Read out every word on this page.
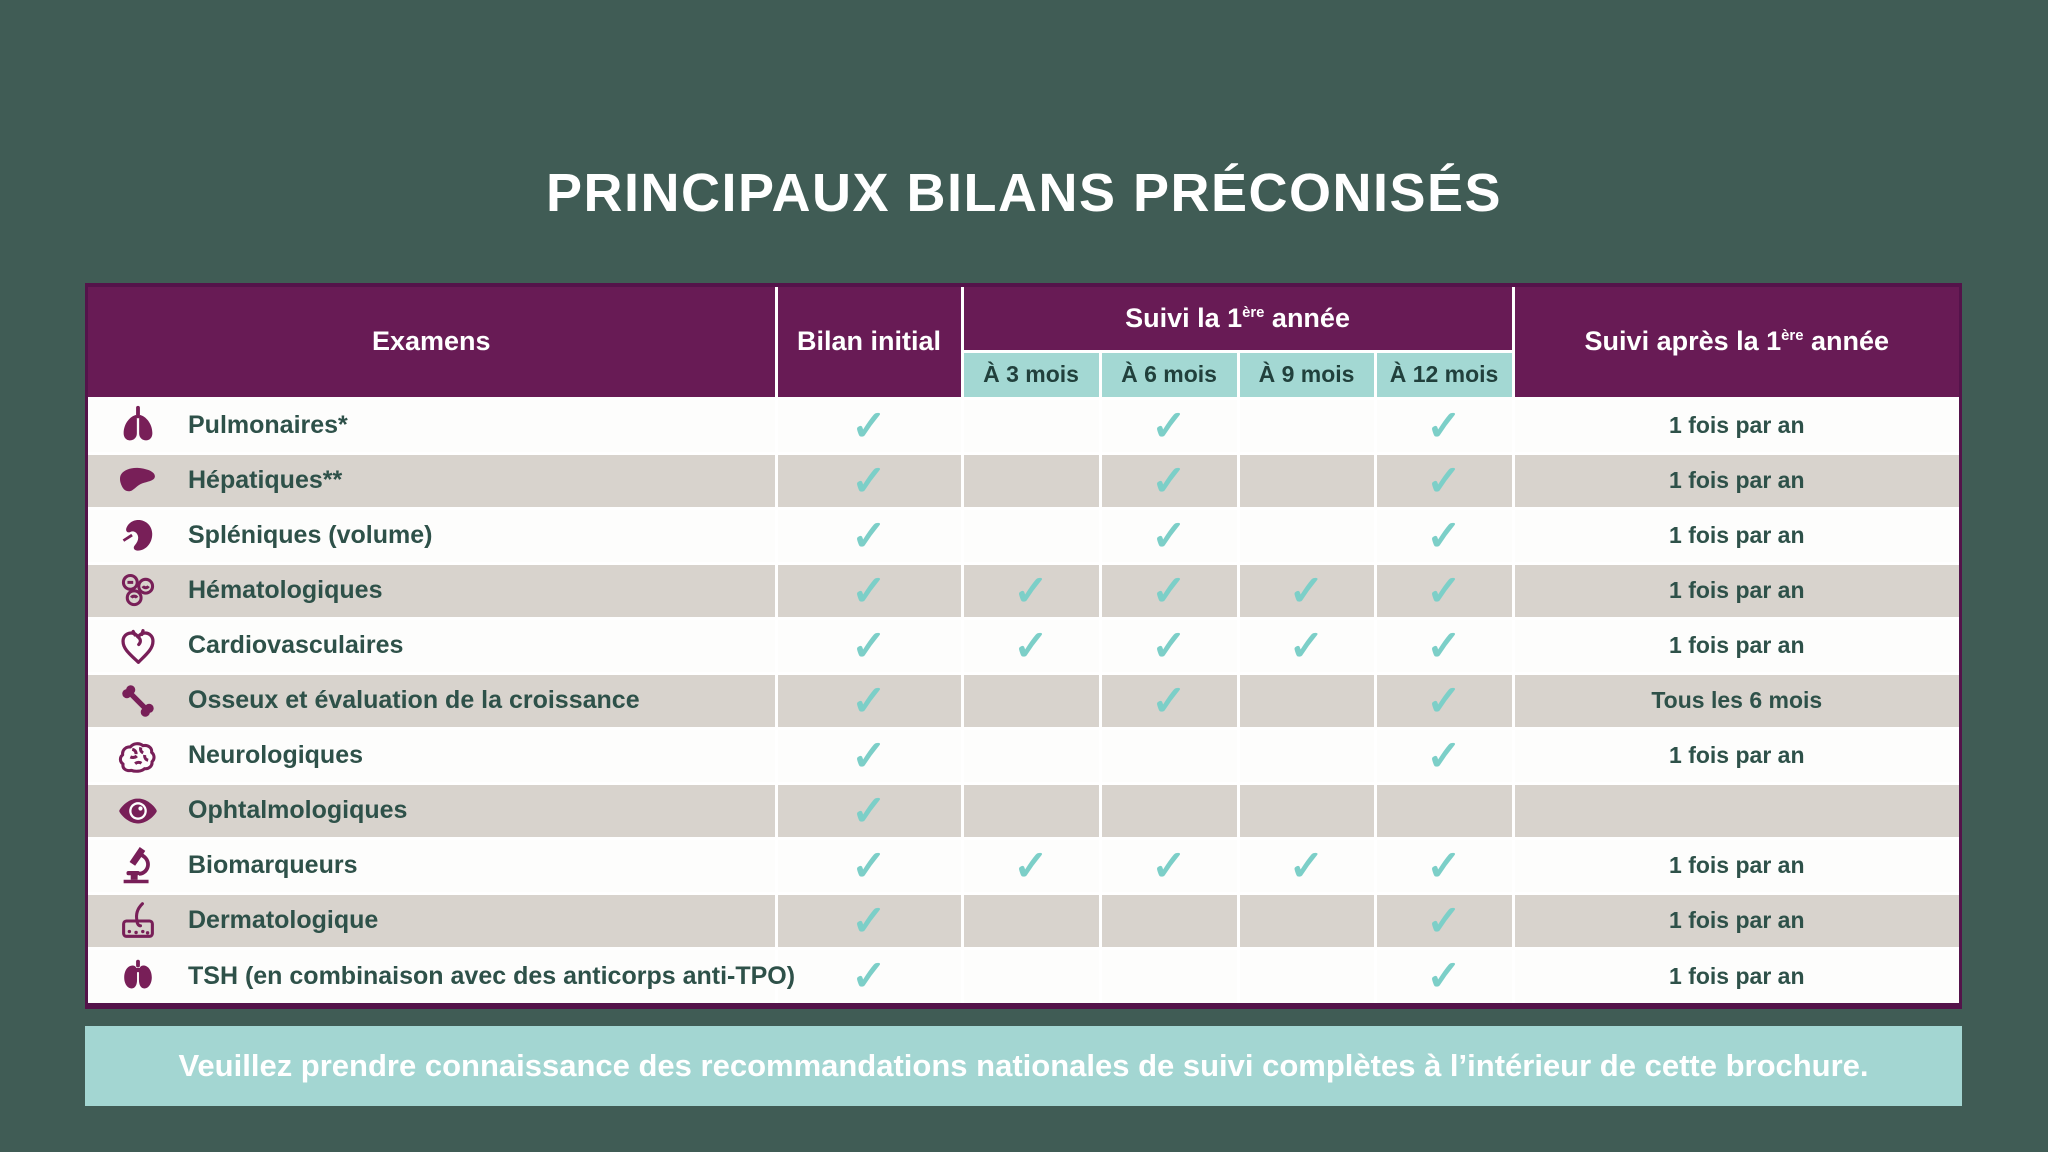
PRINCIPAUX BILANS PRÉCONISÉS
Examens	Bilan initial	Suivi la 1ère année				Suivi après la 1ère année
		À 3 mois	À 6 mois	À 9 mois	À 12 mois	

Pulmonaires*	✓		✓		✓	1 fois par an

Hépatiques**	✓		✓		✓	1 fois par an

Spléniques (volume)	✓		✓		✓	1 fois par an

Hématologiques	✓	✓	✓	✓	✓	1 fois par an

Cardiovasculaires	✓	✓	✓	✓	✓	1 fois par an

Osseux et évaluation de la croissance	✓		✓		✓	Tous les 6 mois

Neurologiques	✓				✓	1 fois par an

Ophtalmologiques	✓					

Biomarqueurs	✓	✓	✓	✓	✓	1 fois par an

Dermatologique	✓				✓	1 fois par an

TSH (en combinaison avec des anticorps anti-TPO)	✓				✓	1 fois par an
Veuillez prendre connaissance des recommandations nationales de suivi complètes à l’intérieur de cette brochure.
